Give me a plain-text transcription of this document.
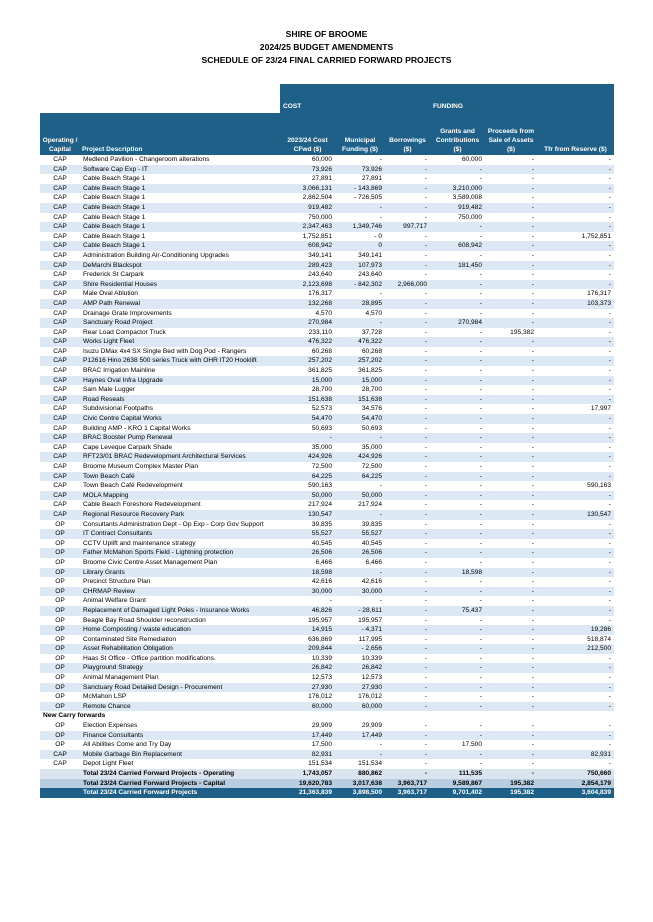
SHIRE OF BROOME
2024/25 BUDGET AMENDMENTS
SCHEDULE OF 23/24 FINAL CARRIED FORWARD PROJECTS

		COST			FUNDING		
Operating / Capital	Project Description	2023/24 Cost CFwd ($)	Municipal Funding ($)	Borrowings ($)	Grants and Contributions ($)	Proceeds from Sale of Assets ($)	Tfr from Reserve ($)
CAP	Medlend Pavilion - Changeroom alterations	60,000	-	-	60,000	-	-
CAP	Software Cap Exp - IT	73,926	73,926	-	-	-	-
CAP	Cable Beach Stage 1	27,891	27,891	-	-	-	-
CAP	Cable Beach Stage 1	3,066,131	- 143,869	-	3,210,000	-	-
CAP	Cable Beach Stage 1	2,862,504	- 726,505	-	3,589,008	-	-
CAP	Cable Beach Stage 1	919,482	-	-	919,482	-	-
CAP	Cable Beach Stage 1	750,000	-	-	750,000	-	-
CAP	Cable Beach Stage 1	2,347,463	1,349,746	997,717	-	-	-
CAP	Cable Beach Stage 1	1,752,851	- 0	-	-	-	1,752,851
CAP	Cable Beach Stage 1	608,942	0	-	608,942	-	-
CAP	Administration Building Air-Conditioning Upgrades	349,141	349,141	-	-	-	-
CAP	DeMarchi Blackspot	289,423	107,973	-	181,450	-	-
CAP	Frederick St Carpark	243,640	243,640	-	-	-	-
CAP	Shire Residential Houses	2,123,698	- 842,302	2,966,000	-	-	-
CAP	Male Oval Ablution	176,317	-	-	-	-	176,317
CAP	AMP Path Renewal	132,268	28,895	-	-	-	103,373
CAP	Drainage Grate Improvements	4,570	4,570	-	-	-	-
CAP	Sanctuary Road Project	270,984	-	-	270,984	-	-
CAP	Rear Load Compactor Truck	233,110	37,728	-	-	195,382	-
CAP	Works Light Fleet	476,322	476,322	-	-	-	-
CAP	Isuzu DMax 4x4 SX Single Bed with Dog Pod - Rangers	60,268	60,268	-	-	-	-
CAP	P12616 Hino 2638 500 series Truck with OHR IT20 Hooklift	257,202	257,202	-	-	-	-
CAP	BRAC Irrigation Mainline	361,825	361,825	-	-	-	-
CAP	Haynes Oval Infra Upgrade	15,000	15,000	-	-	-	-
CAP	Sam Male Lugger	28,700	28,700	-	-	-	-
CAP	Road Reseals	151,638	151,638	-	-	-	-
CAP	Subdivisional Footpaths	52,573	34,576	-	-	-	17,997
CAP	Civic Centre Capital Works	54,470	54,470	-	-	-	-
CAP	Building AMP - KRO 1 Capital Works	50,693	50,693	-	-	-	-
CAP	BRAC Booster Pump Renewal	-	-	-	-	-	-
CAP	Cape Leveque Carpark Shade	35,000	35,000	-	-	-	-
CAP	RFT23/01 BRAC Redevelopment Architectural Services	424,926	424,926	-	-	-	-
CAP	Broome Museum Complex Master Plan	72,500	72,500	-	-	-	-
CAP	Town Beach Café	64,225	64,225	-	-	-	-
CAP	Town Beach Café Redevelopment	590,163	-	-	-	-	590,163
CAP	MOLA Mapping	50,000	50,000	-	-	-	-
CAP	Cable Beach Foreshore Redevelopment	217,924	217,924	-	-	-	-
CAP	Regional Resource Recovery Park	130,547	-	-	-	-	130,547
OP	Consultants Administration Dept - Op Exp - Corp Gov Support	39,835	39,835	-	-	-	-
OP	IT Contract Consultants	55,527	55,527	-	-	-	-
OP	CCTV Uplift and maintenance strategy	40,545	40,545	-	-	-	-
OP	Father McMahon Sports Field - Lightning protection	26,506	26,506	-	-	-	-
OP	Broome Civic Centre Asset Management Plan	6,466	6,466	-	-	-	-
OP	Library Grants	18,598	-	-	18,598	-	-
OP	Precinct Structure Plan	42,616	42,616	-	-	-	-
OP	CHRMAP Review	30,000	30,000	-	-	-	-
OP	Animal Welfare Grant	-	-	-	-	-	-
OP	Replacement of Damaged Light Poles - Insurance Works	46,826	- 28,611	-	75,437	-	-
OP	Beagle Bay Road Shoulder reconstruction	195,957	195,957	-	-	-	-
OP	Home Composting / waste education	14,915	- 4,371	-	-	-	19,286
OP	Contaminated Site Remediation	636,869	117,995	-	-	-	518,874
OP	Asset Rehabilitation Obligation	209,844	- 2,656	-	-	-	212,500
OP	Haas St Office - Office partition modifications.	10,339	10,339	-	-	-	-
OP	Playground Strategy	26,842	26,842	-	-	-	-
OP	Animal Management Plan	12,573	12,573	-	-	-	-
OP	Sanctuary Road Detailed Design - Procurement	27,930	27,930	-	-	-	-
OP	McMahon LSP	176,012	176,012	-	-	-	-
OP	Remote Chance	60,000	60,000	-	-	-	-
New Carry forwards							
OP	Election Expenses	29,909	29,909	-	-	-	-
OP	Finance Consultants	17,449	17,449	-	-	-	-
OP	All Abilities Come and Try Day	17,500	-	-	17,500	-	-
CAP	Mobile Garbage Bin Replacement	82,931	-	-	-	-	82,931
CAP	Depot Light Fleet	151,534	151,534	-	-	-	-
	Total 23/24 Carried Forward Projects - Operating	1,743,057	880,862	-	111,535	-	750,660
	Total 23/24 Carried Forward Projects - Capital	19,620,783	3,017,638	3,963,717	9,589,867	195,382	2,854,179
	Total 23/24 Carried Forward Projects	21,363,839	3,898,500	3,963,717	9,701,402	195,382	3,604,839
